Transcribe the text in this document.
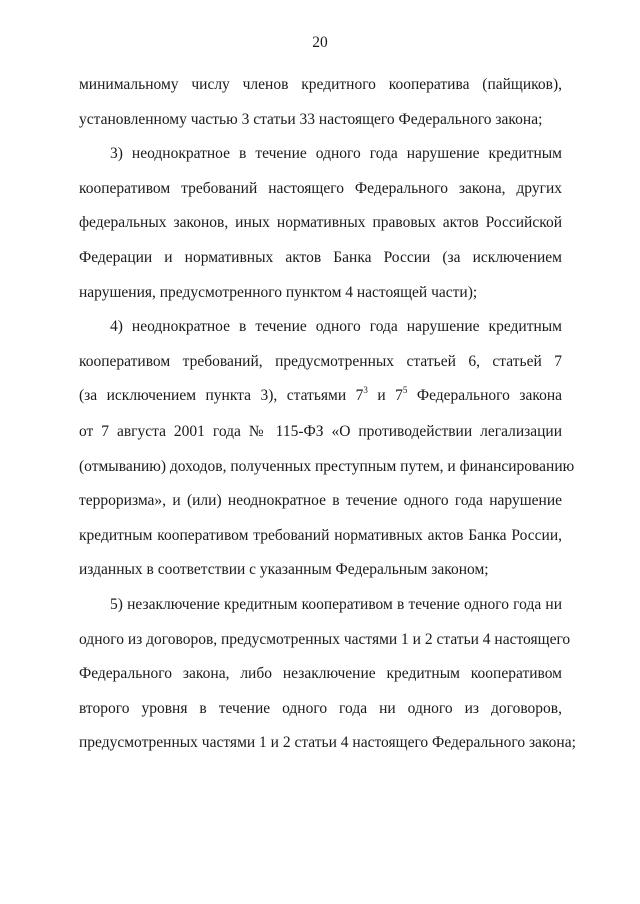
20
минимальному числу членов кредитного кооператива (пайщиков),
установленному частью 3 статьи 33 настоящего Федерального закона;
3) неоднократное в течение одного года нарушение кредитным
кооперативом требований настоящего Федерального закона, других
федеральных законов, иных нормативных правовых актов Российской
Федерации и нормативных актов Банка России (за исключением
нарушения, предусмотренного пунктом 4 настоящей части);
4) неоднократное в течение одного года нарушение кредитным
кооперативом требований, предусмотренных статьей 6, статьей 7
(за исключением пункта 3), статьями $7^3$ и $7^5$ Федерального закона
от 7 августа 2001 года № 115-ФЗ «О противодействии легализации
(отмыванию) доходов, полученных преступным путем, и финансированию
терроризма», и (или) неоднократное в течение одного года нарушение
кредитным кооперативом требований нормативных актов Банка России,
изданных в соответствии с указанным Федеральным законом;
5) незаключение кредитным кооперативом в течение одного года ни
одного из договоров, предусмотренных частями 1 и 2 статьи 4 настоящего
Федерального закона, либо незаключение кредитным кооперативом
второго уровня в течение одного года ни одного из договоров,
предусмотренных частями 1 и 2 статьи 4 настоящего Федерального закона;
